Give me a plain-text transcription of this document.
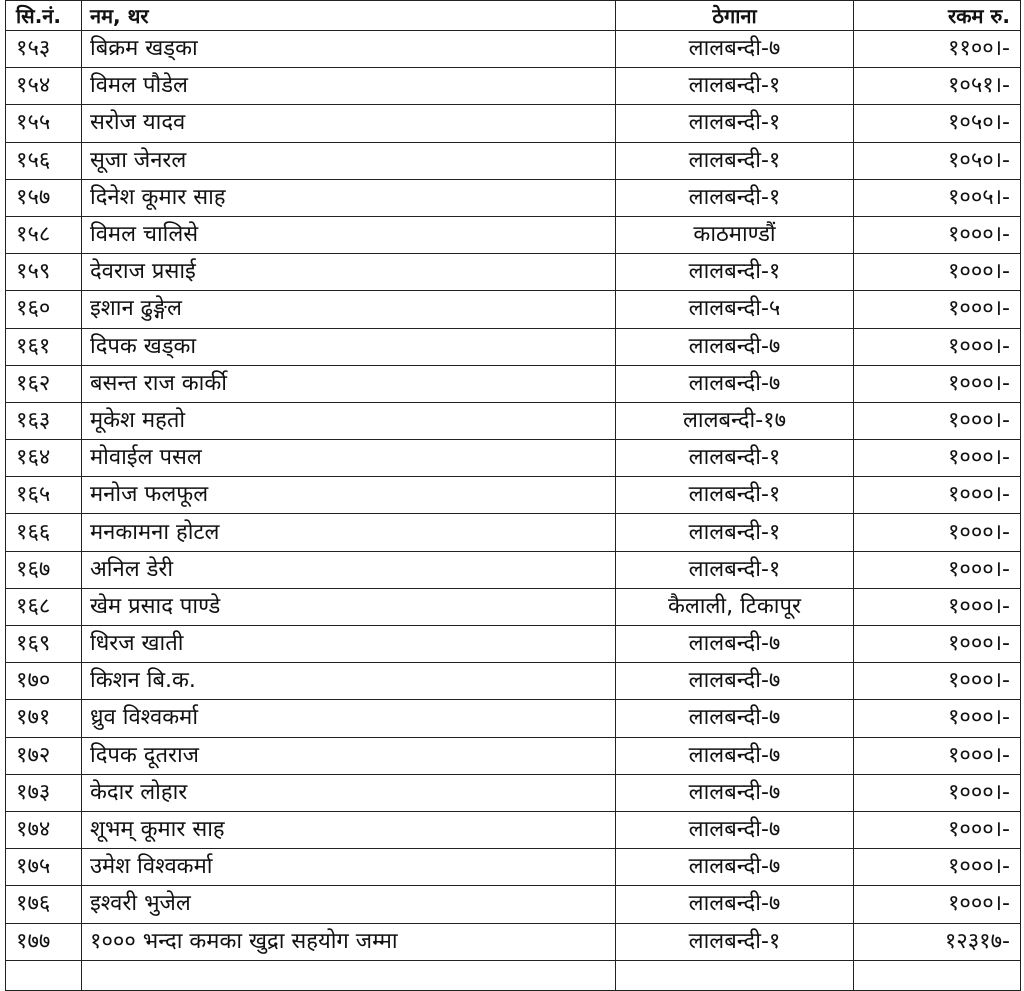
सि.नं.	नम, थर	ठेगाना	रकम रु.
१५३	बिक्रम खड्का	लालबन्दी-७	११००।-
१५४	विमल पौडेल	लालबन्दी-१	१०५१।-
१५५	सरोज यादव	लालबन्दी-१	१०५०।-
१५६	सूजा जेनरल	लालबन्दी-१	१०५०।-
१५७	दिनेश कूमार साह	लालबन्दी-१	१००५।-
१५८	विमल चालिसे	काठमाण्डौं	१०००।-
१५९	देवराज प्रसाई	लालबन्दी-१	१०००।-
१६०	इशान ढुङ्गेल	लालबन्दी-५	१०००।-
१६१	दिपक खड्का	लालबन्दी-७	१०००।-
१६२	बसन्त राज कार्की	लालबन्दी-७	१०००।-
१६३	मूकेश महतो	लालबन्दी-१७	१०००।-
१६४	मोवाईल पसल	लालबन्दी-१	१०००।-
१६५	मनोज फलफूल	लालबन्दी-१	१०००।-
१६६	मनकामना होटल	लालबन्दी-१	१०००।-
१६७	अनिल डेरी	लालबन्दी-१	१०००।-
१६८	खेम प्रसाद पाण्डे	कैलाली, टिकापूर	१०००।-
१६९	धिरज खाती	लालबन्दी-७	१०००।-
१७०	किशन बि.क.	लालबन्दी-७	१०००।-
१७१	ध्रुव विश्वकर्मा	लालबन्दी-७	१०००।-
१७२	दिपक दूतराज	लालबन्दी-७	१०००।-
१७३	केदार लोहार	लालबन्दी-७	१०००।-
१७४	शूभम् कूमार साह	लालबन्दी-७	१०००।-
१७५	उमेश विश्वकर्मा	लालबन्दी-७	१०००।-
१७६	इश्वरी भुजेल	लालबन्दी-७	१०००।-
१७७	१००० भन्दा कमका खुद्रा सहयोग जम्मा	लालबन्दी-१	१२३१७-
